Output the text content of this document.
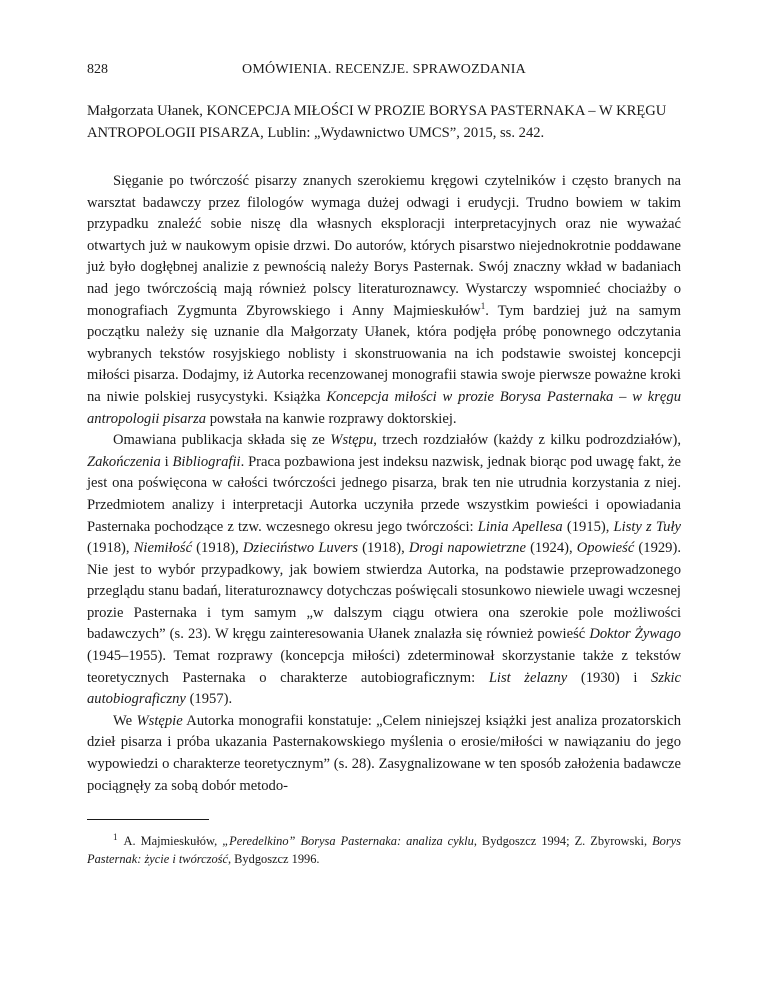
828	OMÓWIENIA. RECENZJE. SPRAWOZDANIA
Małgorzata Ułanek, KONCEPCJA MIŁOŚCI W PROZIE BORYSA PASTERNAKA – W KRĘGU ANTROPOLOGII PISARZA, Lublin: „Wydawnictwo UMCS”, 2015, ss. 242.

Sięganie po twórczość pisarzy znanych szerokiemu kręgowi czytelników i często branych na warsztat badawczy przez filologów wymaga dużej odwagi i erudycji. Trudno bowiem w takim przypadku znaleźć sobie niszę dla własnych eksploracji interpretacyjnych oraz nie wyważać otwartych już w naukowym opisie drzwi. Do autorów, których pisarstwo niejednokrotnie poddawane już było dogłębnej analizie z pewnością należy Borys Pasternak. Swój znaczny wkład w badaniach nad jego twórczością mają również polscy literaturoznawcy. Wystarczy wspomnieć chociażby o monografiach Zygmunta Zbyrowskiego i Anny Majmieskułów$^1$. Tym bardziej już na samym początku należy się uznanie dla Małgorzaty Ułanek, która podjęła próbę ponownego odczytania wybranych tekstów rosyjskiego noblisty i skonstruowania na ich podstawie swoistej koncepcji miłości pisarza. Dodajmy, iż Autorka recenzowanej monografii stawia swoje pierwsze poważne kroki na niwie polskiej rusycystyki. Książka Koncepcja miłości w prozie Borysa Pasternaka – w kręgu antropologii pisarza powstała na kanwie rozprawy doktorskiej.

Omawiana publikacja składa się ze Wstępu, trzech rozdziałów (każdy z kilku podrozdziałów), Zakończenia i Bibliografii. Praca pozbawiona jest indeksu nazwisk, jednak biorąc pod uwagę fakt, że jest ona poświęcona w całości twórczości jednego pisarza, brak ten nie utrudnia korzystania z niej. Przedmiotem analizy i interpretacji Autorka uczyniła przede wszystkim powieści i opowiadania Pasternaka pochodzące z tzw. wczesnego okresu jego twórczości: Linia Apellesa (1915), Listy z Tuły (1918), Niemiłość (1918), Dzieciństwo Luvers (1918), Drogi napowietrzne (1924), Opowieść (1929). Nie jest to wybór przypadkowy, jak bowiem stwierdza Autorka, na podstawie przeprowadzonego przeglądu stanu badań, literaturoznawcy dotychczas poświęcali stosunkowo niewiele uwagi wczesnej prozie Pasternaka i tym samym „w dalszym ciągu otwiera ona szerokie pole możliwości badawczych” (s. 23). W kręgu zainteresowania Ułanek znalazła się również powieść Doktor Żywago (1945–1955). Temat rozprawy (koncepcja miłości) zdeterminował skorzystanie także z tekstów teoretycznych Pasternaka o charakterze autobiograficznym: List żelazny (1930) i Szkic autobiograficzny (1957).

We Wstępie Autorka monografii konstatuje: „Celem niniejszej książki jest analiza prozatorskich dzieł pisarza i próba ukazania Pasternakowskiego myślenia o erosie/miłości w nawiązaniu do jego wypowiedzi o charakterze teoretycznym” (s. 28). Zasygnalizowane w ten sposób założenia badawcze pociągnęły za sobą dobór metodo-

$^1$ A. Majmieskułów, „Peredelkino” Borysa Pasternaka: analiza cyklu, Bydgoszcz 1994; Z. Zbyrowski, Borys Pasternak: życie i twórczość, Bydgoszcz 1996.
